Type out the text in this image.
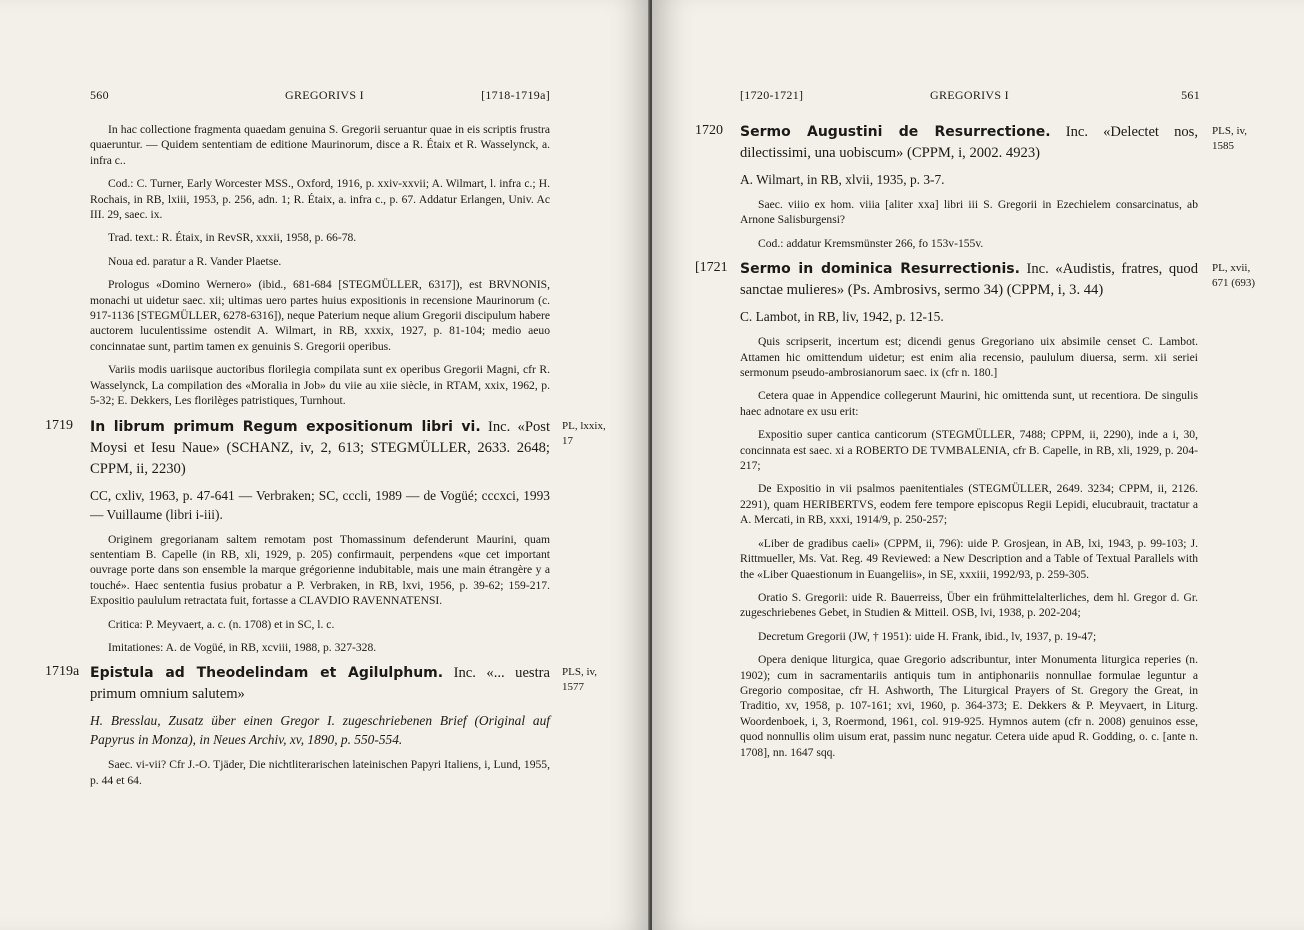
560	GREGORIVS I	[1718-1719a]

In hac collectione fragmenta quaedam genuina S. Gregorii seruantur quae in eis scriptis frustra quaeruntur. — Quidem sententiam de editione Maurinorum, disce a R. Étaix et R. Wasselynck, a. infra c..

Cod.: C. Turner, Early Worcester MSS., Oxford, 1916, p. xxiv-xxvii; A. Wilmart, l. infra c.; H. Rochais, in RB, lxiii, 1953, p. 256, adn. 1; R. Étaix, a. infra c., p. 67. Addatur Erlangen, Univ. Ac III. 29, saec. ix.

Trad. text.: R. Étaix, in RevSR, xxxii, 1958, p. 66-78.

Noua ed. paratur a R. Vander Plaetse.

Prologus «Domino Wernero» (ibid., 681-684 [STEGMÜLLER, 6317]), est BRVNONIS, monachi ut uidetur saec. xii; ultimas uero partes huius expositionis in recensione Maurinorum (c. 917-1136 [STEGMÜLLER, 6278-6316]), neque Paterium neque alium Gregorii discipulum habere auctorem luculentissime ostendit A. Wilmart, in RB, xxxix, 1927, p. 81-104; medio aeuo concinnatae sunt, partim tamen ex genuinis S. Gregorii operibus.

Variis modis uariisque auctoribus florilegia compilata sunt ex operibus Gregorii Magni, cfr R. Wasselynck, La compilation des «Moralia in Job» du viie au xiie siècle, in RTAM, xxix, 1962, p. 5-32; E. Dekkers, Les florilèges patristiques, Turnhout.

1719 In librum primum Regum expositionum libri vi. Inc. «Post Moysi et Iesu Naue» (SCHANZ, iv, 2, 613; STEGMÜLLER, 2633. 2648; CPPM, ii, 2230)

PL, lxxix,
17

CC, cxliv, 1963, p. 47-641 — Verbraken; SC, cccli, 1989 — de Vogüé; cccxci, 1993 — Vuillaume (libri i-iii).

Originem gregorianam saltem remotam post Thomassinum defenderunt Maurini, quam sententiam B. Capelle (in RB, xli, 1929, p. 205) confirmauit, perpendens «que cet important ouvrage porte dans son ensemble la marque grégorienne indubitable, mais une main étrangère y a touché». Haec sententia fusius probatur a P. Verbraken, in RB, lxvi, 1956, p. 39-62; 159-217. Expositio paululum retractata fuit, fortasse a CLAVDIO RAVENNATENSI.

Critica: P. Meyvaert, a. c. (n. 1708) et in SC, l. c.

Imitationes: A. de Vogüé, in RB, xcviii, 1988, p. 327-328.

1719a Epistula ad Theodelindam et Agilulphum. Inc. «... uestra primum omnium salutem»

PLS, iv,
1577

H. Bresslau, Zusatz über einen Gregor I. zugeschriebenen Brief (Original auf Papyrus in Monza), in Neues Archiv, xv, 1890, p. 550-554.

Saec. vi-vii? Cfr J.-O. Tjäder, Die nichtliterarischen lateinischen Papyri Italiens, i, Lund, 1955, p. 44 et 64.

[1720-1721]	GREGORIVS I	561
1720 Sermo Augustini de Resurrectione. Inc. «Delectet nos, dilectissimi, una uobiscum» (CPPM, i, 2002. 4923)

PLS, iv,
1585

A. Wilmart, in RB, xlvii, 1935, p. 3-7.

Saec. viiio ex hom. viiia [aliter xxa] libri iii S. Gregorii in Ezechielem consarcinatus, ab Arnone Salisburgensi?

Cod.: addatur Kremsmünster 266, fo 153v-155v.

[1721 Sermo in dominica Resurrectionis. Inc. «Audistis, fratres, quod sanctae mulieres» (Ps. Ambrosivs, sermo 34) (CPPM, i, 3. 44)

PL, xvii,
671 (693)

C. Lambot, in RB, liv, 1942, p. 12-15.

Quis scripserit, incertum est; dicendi genus Gregoriano uix absimile censet C. Lambot. Attamen hic omittendum uidetur; est enim alia recensio, paululum diuersa, serm. xii seriei sermonum pseudo-ambrosianorum saec. ix (cfr n. 180.]

Cetera quae in Appendice collegerunt Maurini, hic omittenda sunt, ut recentiora. De singulis haec adnotare ex usu erit:

Expositio super cantica canticorum (STEGMÜLLER, 7488; CPPM, ii, 2290), inde a i, 30, concinnata est saec. xi a ROBERTO DE TVMBALENIA, cfr B. Capelle, in RB, xli, 1929, p. 204-217;

De Expositio in vii psalmos paenitentiales (STEGMÜLLER, 2649. 3234; CPPM, ii, 2126. 2291), quam HERIBERTVS, eodem fere tempore episcopus Regii Lepidi, elucubrauit, tractatur a A. Mercati, in RB, xxxi, 1914/9, p. 250-257;

«Liber de gradibus caeli» (CPPM, ii, 796): uide P. Grosjean, in AB, lxi, 1943, p. 99-103; J. Rittmueller, Ms. Vat. Reg. 49 Reviewed: a New Description and a Table of Textual Parallels with the «Liber Quaestionum in Euangeliis», in SE, xxxiii, 1992/93, p. 259-305.

Oratio S. Gregorii: uide R. Bauerreiss, Über ein frühmittelalterliches, dem hl. Gregor d. Gr. zugeschriebenes Gebet, in Studien & Mitteil. OSB, lvi, 1938, p. 202-204;

Decretum Gregorii (JW, † 1951): uide H. Frank, ibid., lv, 1937, p. 19-47;

Opera denique liturgica, quae Gregorio adscribuntur, inter Monumenta liturgica reperies (n. 1902); cum in sacramentariis antiquis tum in antiphonariis nonnullae formulae leguntur a Gregorio compositae, cfr H. Ashworth, The Liturgical Prayers of St. Gregory the Great, in Traditio, xv, 1958, p. 107-161; xvi, 1960, p. 364-373; E. Dekkers & P. Meyvaert, in Liturg. Woordenboek, i, 3, Roermond, 1961, col. 919-925. Hymnos autem (cfr n. 2008) genuinos esse, quod nonnullis olim uisum erat, passim nunc negatur. Cetera uide apud R. Godding, o. c. [ante n. 1708], nn. 1647 sqq.
